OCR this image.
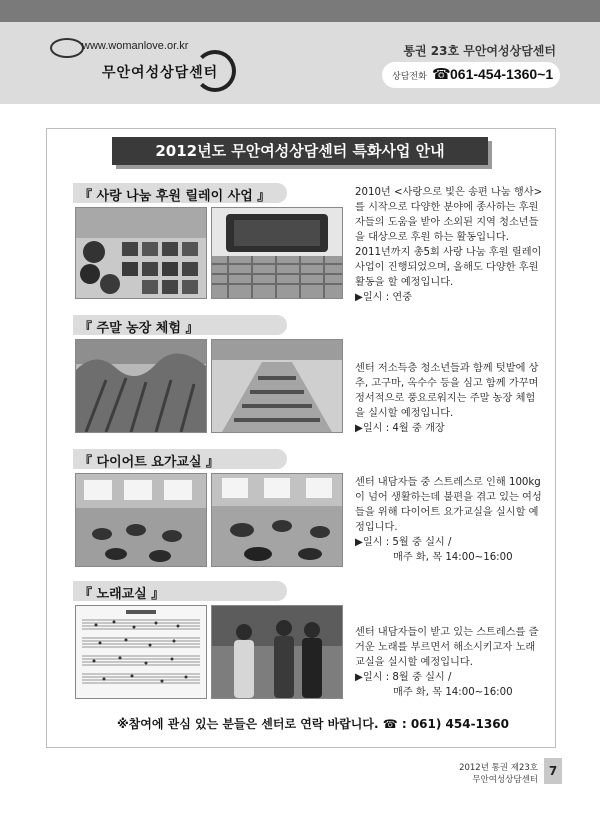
www.womanlove.or.kr
무안여성상담센터
통권 23호 무안여성상담센터
상담전화 ☎ 061-454-1360~1
2012년도 무안여성상담센터 특화사업 안내
『 사랑 나눔 후원 릴레이 사업 』	2010년 <사랑으로 빛은 송편 나눔 행사>를 시작으로 다양한 분야에 종사하는 후원자들의 도움을 받아 소외된 지역 청소년들을 대상으로 후원 하는 활동입니다.

2011년까지 총5회 사랑 나눔 후원 릴레이 사업이 진행되었으며, 올해도 다양한 후원 활동을 할 예정입니다.

▶일시 : 연중

『 주말 농장 체험 』

센터 저소득층 청소년들과 함께 텃밭에 상추, 고구마, 옥수수 등을 심고 함께 가꾸며 정서적으로 풍요로워지는 주말 농장 체험을 실시할 예정입니다.

▶일시 : 4월 중 개장

『 다이어트 요가교실 』

센터 내담자들 중 스트레스로 인해 100kg이 넘어 생활하는데 불편을 겪고 있는 여성들을 위해 다이어트 요가교실을 실시할 예정입니다.

▶일시 : 5월 중 실시 /

매주 화, 목 14:00~16:00

『 노래교실 』

센터 내담자들이 받고 있는 스트레스를 즐거운 노래를 부르면서 해소시키고자 노래교실을 실시할 예정입니다.

▶일시 : 8월 중 실시 /

매주 화, 목 14:00~16:00

※참여에 관심 있는 분들은 센터로 연락 바랍니다. ☎ : 061) 454-1360
2012년 통권 제23호
무안여성상담센터
7
